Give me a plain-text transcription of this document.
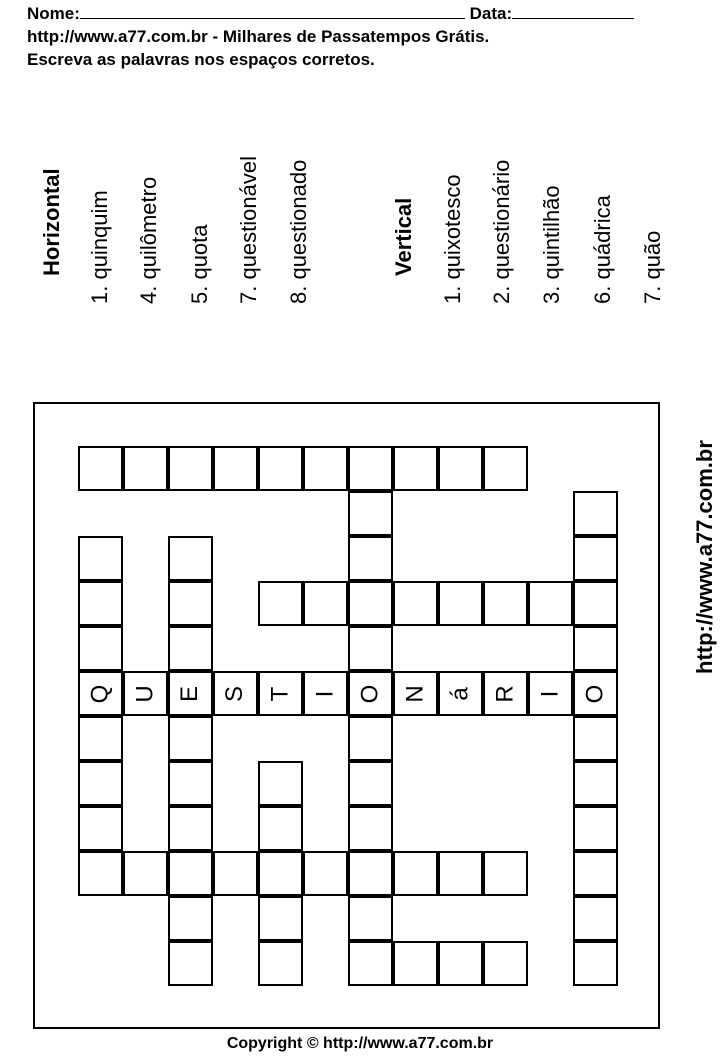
Nome:	Data:
http://www.a77.com.br - Milhares de Passatempos Grátis.
Escreva as palavras nos espaços corretos.
Horizontal 1. quinquim 4. quilômetro 5. quota 7. questionável 8. questionado	Vertical 1. quixotesco 2. questionário 3. quintilhão 6. quádrica 7. quão
http://www.a77.com.br
Q U E S T I O N á R I O
Copyright © http://www.a77.com.br
